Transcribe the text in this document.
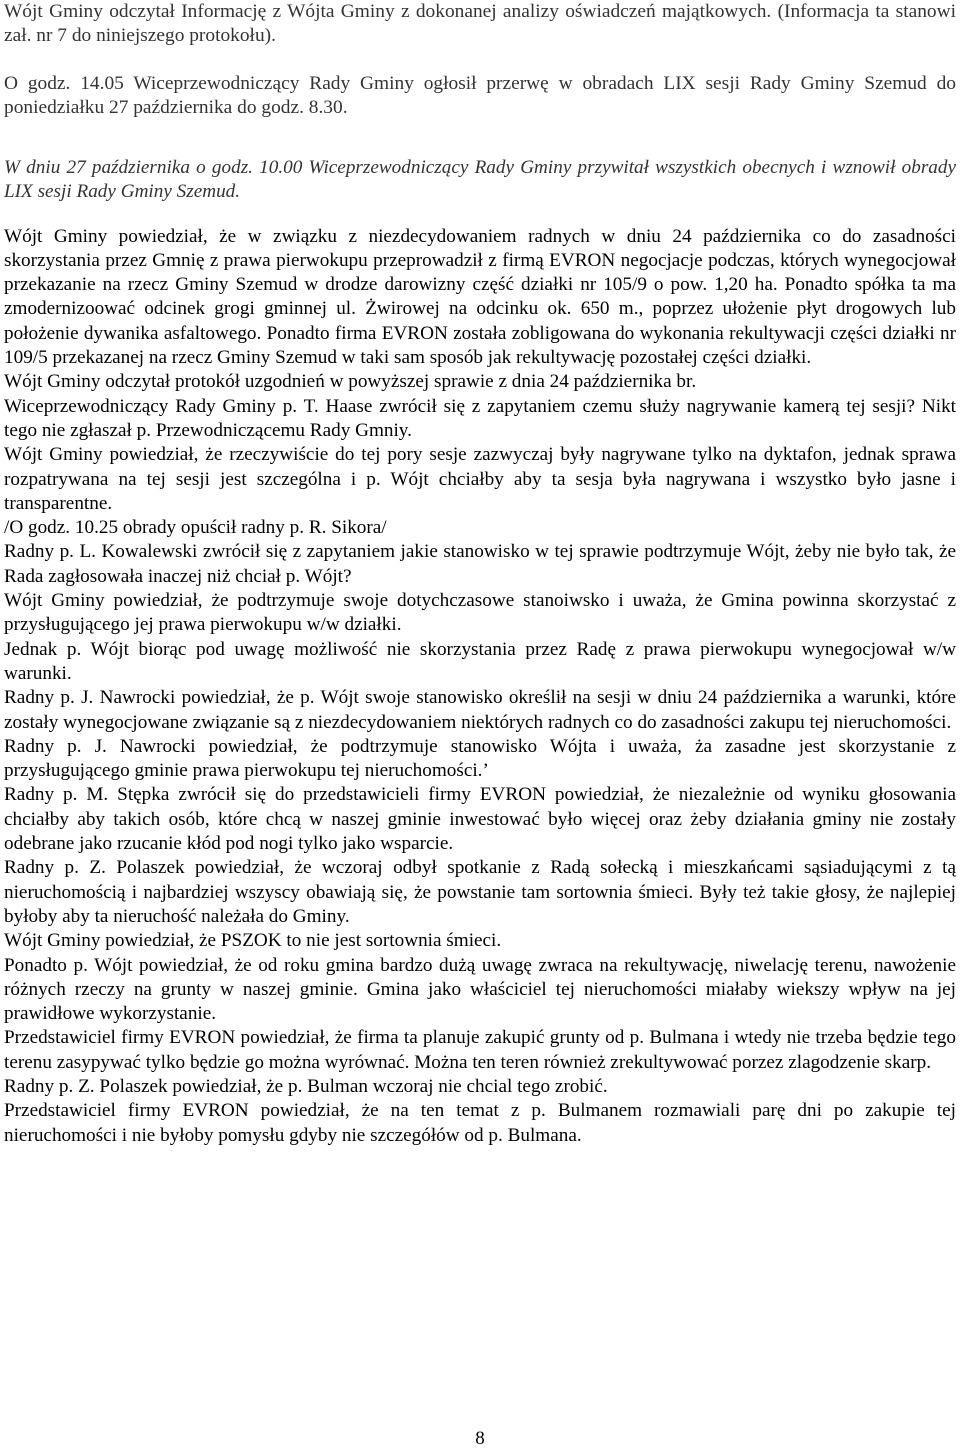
Wójt Gminy odczytał Informację z Wójta Gminy z dokonanej analizy oświadczeń majątkowych. (Informacja ta stanowi zał. nr 7 do niniejszego protokołu).

O godz. 14.05 Wiceprzewodniczący Rady Gminy ogłosił przerwę w obradach LIX sesji Rady Gminy Szemud do poniedziałku 27 października do godz. 8.30.

W dniu 27 października o godz. 10.00 Wiceprzewodniczący Rady Gminy przywitał wszystkich obecnych i wznowił obrady LIX sesji Rady Gminy Szemud.

Wójt Gminy powiedział, że w związku z niezdecydowaniem radnych w dniu 24 października co do zasadności skorzystania przez Gmnię z prawa pierwokupu przeprowadził z firmą EVRON negocjacje podczas, których wynegocjował przekazanie na rzecz Gminy Szemud w drodze darowizny część działki nr 105/9 o pow. 1,20 ha. Ponadto spółka ta ma zmodernizoować odcinek grogi gminnej ul. Żwirowej na odcinku ok. 650 m., poprzez ułożenie płyt drogowych lub położenie dywanika asfaltowego. Ponadto firma EVRON została zobligowana do wykonania rekultywacji części działki nr 109/5 przekazanej na rzecz Gminy Szemud w taki sam sposób jak rekultywację pozostałej części działki.

Wójt Gminy odczytał protokół uzgodnień w powyższej sprawie z dnia 24 października br.

Wiceprzewodniczący Rady Gminy p. T. Haase zwrócił się z zapytaniem czemu służy nagrywanie kamerą tej sesji? Nikt tego nie zgłaszał p. Przewodniczącemu Rady Gmniy.

Wójt Gminy powiedział, że rzeczywiście do tej pory sesje zazwyczaj były nagrywane tylko na dyktafon, jednak sprawa rozpatrywana na tej sesji jest szczególna i p. Wójt chciałby aby ta sesja była nagrywana i wszystko było jasne i transparentne.

/O godz. 10.25 obrady opuścił radny p. R. Sikora/

Radny p. L. Kowalewski zwrócił się z zapytaniem jakie stanowisko w tej sprawie podtrzymuje Wójt, żeby nie było tak, że Rada zagłosowała inaczej niż chciał p. Wójt?

Wójt Gminy powiedział, że podtrzymuje swoje dotychczasowe stanoiwsko i uważa, że Gmina powinna skorzystać z przysługującego jej prawa pierwokupu w/w działki.

Jednak p. Wójt biorąc pod uwagę możliwość nie skorzystania przez Radę z prawa pierwokupu wynegocjował w/w warunki.

Radny p. J. Nawrocki powiedział, że p. Wójt swoje stanowisko określił na sesji w dniu 24 października a warunki, które zostały wynegocjowane związanie są z niezdecydowaniem niektórych radnych co do zasadności zakupu tej nieruchomości.

Radny p. J. Nawrocki powiedział, że podtrzymuje stanowisko Wójta i uważa, ża zasadne jest skorzystanie z przysługującego gminie prawa pierwokupu tej nieruchomości.’

Radny p. M. Stępka zwrócił się do przedstawicieli firmy EVRON powiedział, że niezależnie od wyniku głosowania chciałby aby takich osób, które chcą w naszej gminie inwestować było więcej oraz żeby działania gminy nie zostały odebrane jako rzucanie kłód pod nogi tylko jako wsparcie.

Radny p. Z. Polaszek powiedział, że wczoraj odbył spotkanie z Radą sołecką i mieszkańcami sąsiadującymi z tą nieruchomością i najbardziej wszyscy obawiają się, że powstanie tam sortownia śmieci. Były też takie głosy, że najlepiej byłoby aby ta nieruchość należała do Gminy.

Wójt Gminy powiedział, że PSZOK to nie jest sortownia śmieci.

Ponadto p. Wójt powiedział, że od roku gmina bardzo dużą uwagę zwraca na rekultywację, niwelację terenu, nawożenie różnych rzeczy na grunty w naszej gminie. Gmina jako właściciel tej nieruchomości miałaby wiekszy wpływ na jej prawidłowe wykorzystanie.

Przedstawiciel firmy EVRON powiedział, że firma ta planuje zakupić grunty od p. Bulmana i wtedy nie trzeba będzie tego terenu zasypywać tylko będzie go można wyrównać. Można ten teren również zrekultywować porzez zlagodzenie skarp.

Radny p. Z. Polaszek powiedział, że p. Bulman wczoraj nie chcial tego zrobić.

Przedstawiciel firmy EVRON powiedział, że na ten temat z p. Bulmanem rozmawiali parę dni po zakupie tej nieruchomości i nie byłoby pomysłu gdyby nie szczegółów od p. Bulmana.

8
